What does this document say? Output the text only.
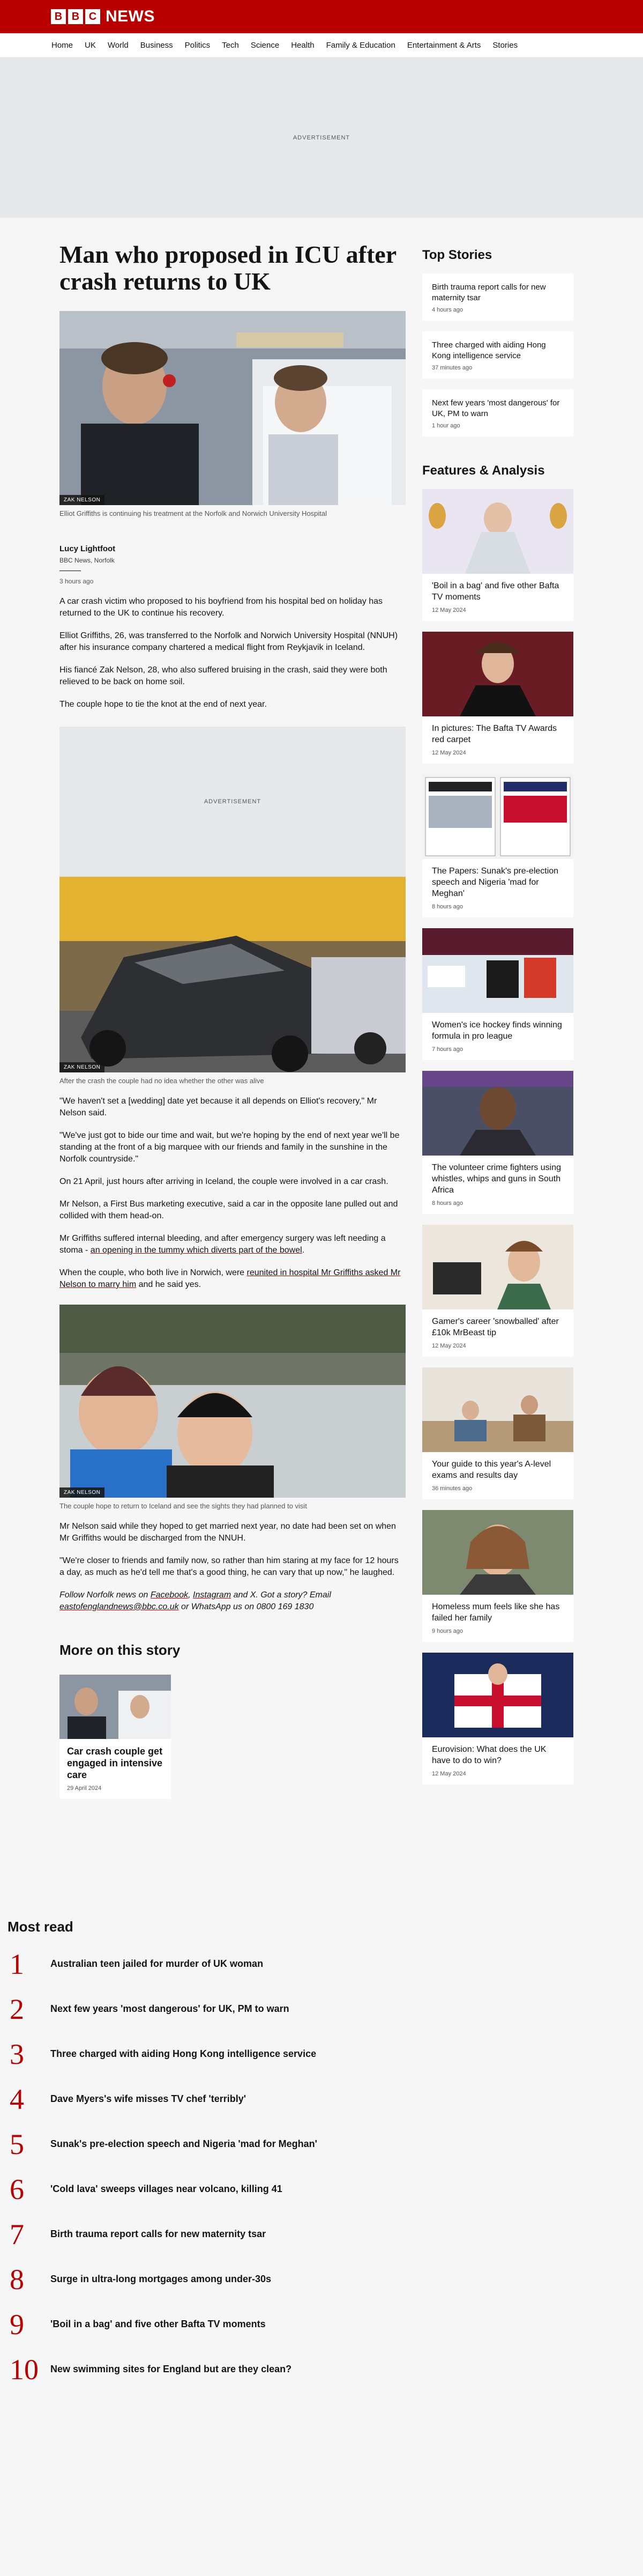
B B C NEWS
Home UK World Business Politics Tech Science Health Family & Education Entertainment & Arts Stories
ADVERTISEMENT
Man who proposed in ICU after crash returns to UK
ZAK NELSON

Elliot Griffiths is continuing his treatment at the Norfolk and Norwich University Hospital

Lucy Lightfoot
BBC News, Norfolk
3 hours ago

A car crash victim who proposed to his boyfriend from his hospital bed on holiday has returned to the UK to continue his recovery.

Elliot Griffiths, 26, was transferred to the Norfolk and Norwich University Hospital (NNUH) after his insurance company chartered a medical flight from Reykjavik in Iceland.

His fiancé Zak Nelson, 28, who also suffered bruising in the crash, said they were both relieved to be back on home soil.

The couple hope to tie the knot at the end of next year.

ADVERTISEMENT
ZAK NELSON

After the crash the couple had no idea whether the other was alive

"We haven't set a [wedding] date yet because it all depends on Elliot's recovery," Mr Nelson said.

"We've just got to bide our time and wait, but we're hoping by the end of next year we'll be standing at the front of a big marquee with our friends and family in the sunshine in the Norfolk countryside."

On 21 April, just hours after arriving in Iceland, the couple were involved in a car crash.

Mr Nelson, a First Bus marketing executive, said a car in the opposite lane pulled out and collided with them head-on.

Mr Griffiths suffered internal bleeding, and after emergency surgery was left needing a stoma - an opening in the tummy which diverts part of the bowel.

When the couple, who both live in Norwich, were reunited in hospital Mr Griffiths asked Mr Nelson to marry him and he said yes.

ZAK NELSON

The couple hope to return to Iceland and see the sights they had planned to visit

Mr Nelson said while they hoped to get married next year, no date had been set on when Mr Griffiths would be discharged from the NNUH.

"We're closer to friends and family now, so rather than him staring at my face for 12 hours a day, as much as he'd tell me that's a good thing, he can vary that up now," he laughed.

Follow Norfolk news on Facebook, Instagram and X. Got a story? Email eastofenglandnews@bbc.co.uk or WhatsApp us on 0800 169 1830

More on this story
Car crash couple get engaged in intensive care
29 April 2024
Top Stories
Birth trauma report calls for new maternity tsar
4 hours ago
Three charged with aiding Hong Kong intelligence service
37 minutes ago
Next few years 'most dangerous' for UK, PM to warn
1 hour ago
Features & Analysis
'Boil in a bag' and five other Bafta TV moments
12 May 2024
In pictures: The Bafta TV Awards red carpet
12 May 2024
The Papers: Sunak's pre-election speech and Nigeria 'mad for Meghan'
8 hours ago
Women's ice hockey finds winning formula in pro league
7 hours ago
The volunteer crime fighters using whistles, whips and guns in South Africa
8 hours ago
Gamer's career 'snowballed' after £10k MrBeast tip
12 May 2024
Your guide to this year's A-level exams and results day
36 minutes ago
Homeless mum feels like she has failed her family
9 hours ago
Eurovision: What does the UK have to do to win?
12 May 2024
Most read
1	Australian teen jailed for murder of UK woman
2	Next few years 'most dangerous' for UK, PM to warn
3	Three charged with aiding Hong Kong intelligence service
4	Dave Myers's wife misses TV chef 'terribly'
5	Sunak's pre-election speech and Nigeria 'mad for Meghan'
6	'Cold lava' sweeps villages near volcano, killing 41
7	Birth trauma report calls for new maternity tsar
8	Surge in ultra-long mortgages among under-30s
9	'Boil in a bag' and five other Bafta TV moments
10	New swimming sites for England but are they clean?
